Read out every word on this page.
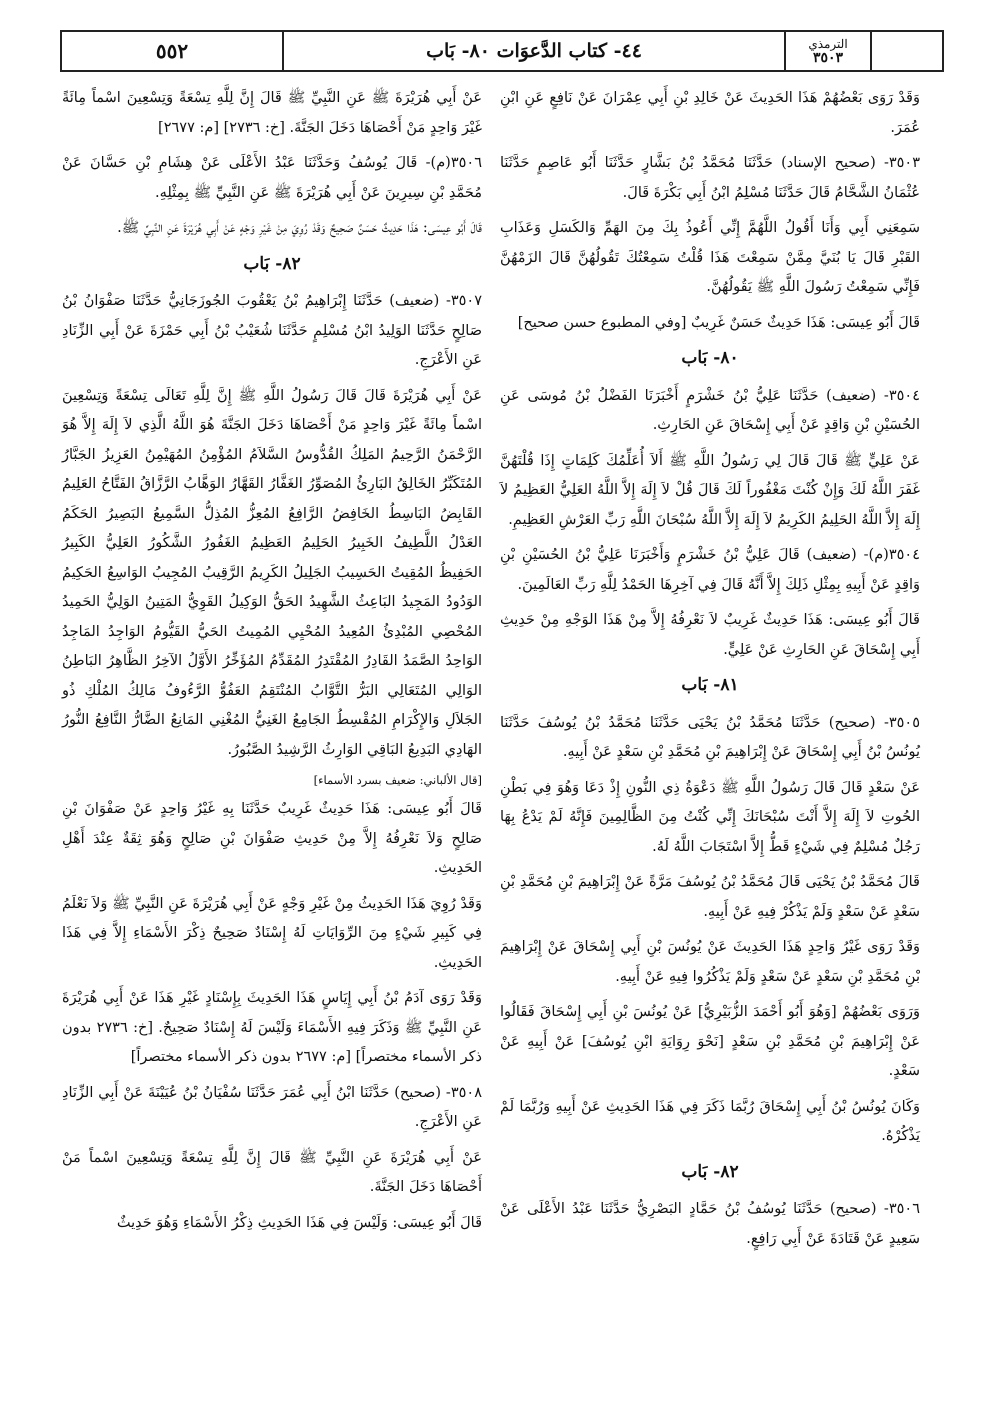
٥٥٢	٤٤- كتاب الدَّعوَات ٨٠- بَاب	الترمذي
٣٥٠٣

وَقَدْ رَوَى بَعْضُهُمْ هَذَا الحَدِيثَ عَنْ خَالِدِ بْنِ أَبِي عِمْرَانَ عَنْ نَافِعٍ عَنِ ابْنِ عُمَرَ.

٣٥٠٣- (صحيح الإسناد) حَدَّثَنَا مُحَمَّدُ بْنُ بَشَّارٍ حَدَّثَنَا أَبُو عَاصِمٍ حَدَّثَنَا عُثْمَانُ الشَّحَّامُ قَالَ حَدَّثَنَا مُسْلِمُ ابْنُ أَبِي بَكْرَةَ قَالَ.

سَمِعَنِي أَبِي وَأَنَا أَقُولُ اللَّهُمَّ إِنِّي أَعُوذُ بِكَ مِنَ الهَمِّ وَالكَسَلِ وَعَذَابِ القَبْرِ قَالَ يَا بُنَيَّ مِمَّنْ سَمِعْتَ هَذَا قُلْتُ سَمِعْتُكَ تَقُولُهُنَّ قَالَ الزَمْهُنَّ فَإِنِّي سَمِعْتُ رَسُولَ اللَّهِ ﷺ يَقُولُهُنَّ.

قَالَ أَبُو عِيسَى: هَذَا حَدِيثٌ حَسَنٌ غَرِيبٌ [وفي المطبوع حسن صحيح]

٨٠- بَاب

٣٥٠٤- (ضعيف) حَدَّثَنَا عَلِيُّ بْنُ خَشْرَمٍ أَخْبَرَنَا الفَضْلُ بْنُ مُوسَى عَنِ الحُسَيْنِ بْنِ وَاقِدٍ عَنْ أَبِي إِسْحَاقَ عَنِ الحَارِثِ.

عَنْ عَلِيٍّ ﷺ قَالَ قَالَ لِي رَسُولُ اللَّهِ ﷺ أَلاَ أُعَلِّمُكَ كَلِمَاتٍ إِذَا قُلْتَهُنَّ غَفَرَ اللَّهُ لَكَ وَإِنْ كُنْتَ مَغْفُوراً لَكَ قَالَ قُلْ لاَ إِلَهَ إِلاَّ اللَّهُ العَلِيُّ العَظِيمُ لاَ إِلَهَ إِلاَّ اللَّهُ الحَلِيمُ الكَرِيمُ لاَ إِلَهَ إِلاَّ اللَّهُ سُبْحَانَ اللَّهِ رَبِّ العَرْشِ العَظِيمِ.

٣٥٠٤(م)- (ضعيف) قَالَ عَلِيُّ بْنُ خَشْرَمٍ وَأَخْبَرَنَا عَلِيُّ بْنُ الحُسَيْنِ بْنِ وَاقِدٍ عَنْ أَبِيهِ بِمِثْلِ ذَلِكَ إِلاَّ أَنَّهُ قَالَ فِي آخِرِهَا الحَمْدُ لِلَّهِ رَبِّ العَالَمِينَ.

قَالَ أَبُو عِيسَى: هَذَا حَدِيثٌ غَرِيبٌ لاَ نَعْرِفُهُ إِلاَّ مِنْ هَذَا الوَجْهِ مِنْ حَدِيثِ أَبِي إِسْحَاقَ عَنِ الحَارِثِ عَنْ عَلِيٍّ.

٨١- بَاب

٣٥٠٥- (صحيح) حَدَّثَنَا مُحَمَّدُ بْنُ يَحْيَى حَدَّثَنَا مُحَمَّدُ بْنُ يُوسُفَ حَدَّثَنَا يُونُسُ بْنُ أَبِي إِسْحَاقَ عَنْ إِبْرَاهِيمَ بْنِ مُحَمَّدِ بْنِ سَعْدٍ عَنْ أَبِيهِ.

عَنْ سَعْدٍ قَالَ قَالَ رَسُولُ اللَّهِ ﷺ دَعْوَةُ ذِي النُّونِ إِذْ دَعَا وَهُوَ فِي بَطْنِ الحُوتِ لاَ إِلَهَ إِلاَّ أَنْتَ سُبْحَانَكَ إِنِّي كُنْتُ مِنَ الظَّالِمِينَ فَإِنَّهُ لَمْ يَدْعُ بِهَا رَجُلٌ مُسْلِمٌ فِي شَيْءٍ قَطُّ إِلاَّ اسْتَجَابَ اللَّهُ لَهُ.

قَالَ مُحَمَّدُ بْنُ يَحْيَى قَالَ مُحَمَّدُ بْنُ يُوسُفَ مَرَّةً عَنْ إِبْرَاهِيمَ بْنِ مُحَمَّدِ بْنِ سَعْدٍ عَنْ سَعْدٍ وَلَمْ يَذْكُرْ فِيهِ عَنْ أَبِيهِ.

وَقَدْ رَوَى غَيْرُ وَاحِدٍ هَذَا الحَدِيثَ عَنْ يُونُسَ بْنِ أَبِي إِسْحَاقَ عَنْ إِبْرَاهِيمَ بْنِ مُحَمَّدِ بْنِ سَعْدٍ عَنْ سَعْدٍ وَلَمْ يَذْكُرُوا فِيهِ عَنْ أَبِيهِ.

وَرَوَى بَعْضُهُمْ [وَهُوَ أَبُو أَحْمَدَ الزُّبَيْرِيُّ] عَنْ يُونُسَ بْنِ أَبِي إِسْحَاقَ فَقَالُوا عَنْ إِبْرَاهِيمَ بْنِ مُحَمَّدِ بْنِ سَعْدٍ [نَحْوَ رِوَايَةِ ابْنِ يُوسُفَ] عَنْ أَبِيهِ عَنْ سَعْدٍ.

وَكَانَ يُونُسُ بْنُ أَبِي إِسْحَاقَ رُبَّمَا ذَكَرَ فِي هَذَا الحَدِيثِ عَنْ أَبِيهِ وَرُبَّمَا لَمْ يَذْكُرْهُ.

٨٢- بَاب

٣٥٠٦- (صحيح) حَدَّثَنَا يُوسُفُ بْنُ حَمَّادٍ البَصْرِيُّ حَدَّثَنَا عَبْدُ الأَعْلَى عَنْ سَعِيدٍ عَنْ قَتَادَةَ عَنْ أَبِي رَافِعٍ.

عَنْ أَبِي هُرَيْرَةَ ﷺ عَنِ النَّبِيِّ ﷺ قَالَ إِنَّ لِلَّهِ تِسْعَةً وَتِسْعِينَ اسْماً مِائَةً غَيْرَ وَاحِدٍ مَنْ أَحْصَاهَا دَخَلَ الجَنَّةَ. [خ: ٢٧٣٦] [م: ٢٦٧٧]

٣٥٠٦(م)- قَالَ يُوسُفُ وَحَدَّثَنَا عَبْدُ الأَعْلَى عَنْ هِشَامِ بْنِ حَسَّانَ عَنْ مُحَمَّدِ بْنِ سِيرِينَ عَنْ أَبِي هُرَيْرَةَ ﷺ عَنِ النَّبِيِّ ﷺ بِمِثْلِهِ.

قَالَ أَبُو عِيسَى: هَذَا حَدِيثٌ حَسَنٌ صَحِيحٌ وَقَدْ رُوِيَ مِنْ غَيْرِ وَجْهٍ عَنْ أَبِي هُرَيْرَةَ عَنِ النَّبِيِّ ﷺ.

٨٢- بَاب

٣٥٠٧- (ضعيف) حَدَّثَنَا إِبْرَاهِيمُ بْنُ يَعْقُوبَ الجُوزَجَانِيُّ حَدَّثَنَا صَفْوَانُ بْنُ صَالِحٍ حَدَّثَنَا الوَلِيدُ ابْنُ مُسْلِمٍ حَدَّثَنَا شُعَيْبُ بْنُ أَبِي حَمْزَةَ عَنْ أَبِي الزِّنَادِ عَنِ الأَعْرَجِ.

عَنْ أَبِي هُرَيْرَةَ قَالَ قَالَ رَسُولُ اللَّهِ ﷺ إِنَّ لِلَّهِ تَعَالَى تِسْعَةً وَتِسْعِينَ اسْماً مِائَةً غَيْرَ وَاحِدٍ مَنْ أَحْصَاهَا دَخَلَ الجَنَّةَ هُوَ اللَّهُ الَّذِي لاَ إِلَهَ إِلاَّ هُوَ الرَّحْمَنُ الرَّحِيمُ المَلِكُ القُدُّوسُ السَّلاَمُ المُؤْمِنُ المُهَيْمِنُ العَزِيزُ الجَبَّارُ المُتَكَبِّرُ الخَالِقُ البَارِئُ المُصَوِّرُ الغَفَّارُ القَهَّارُ الوَهَّابُ الرَّزَّاقُ الفَتَّاحُ العَلِيمُ القَابِضُ البَاسِطُ الخَافِضُ الرَّافِعُ المُعِزُّ المُذِلُّ السَّمِيعُ البَصِيرُ الحَكَمُ العَدْلُ اللَّطِيفُ الخَبِيرُ الحَلِيمُ العَظِيمُ الغَفُورُ الشَّكُورُ العَلِيُّ الكَبِيرُ الحَفِيظُ المُقِيتُ الحَسِيبُ الجَلِيلُ الكَرِيمُ الرَّقِيبُ المُجِيبُ الوَاسِعُ الحَكِيمُ الوَدُودُ المَجِيدُ البَاعِثُ الشَّهِيدُ الحَقُّ الوَكِيلُ القَوِيُّ المَتِينُ الوَلِيُّ الحَمِيدُ المُحْصِي المُبْدِئُ المُعِيدُ المُحْيِي المُمِيتُ الحَيُّ القَيُّومُ الوَاجِدُ المَاجِدُ الوَاحِدُ الصَّمَدُ القَادِرُ المُقْتَدِرُ المُقَدِّمُ المُؤَخِّرُ الأَوَّلُ الآخِرُ الظَّاهِرُ البَاطِنُ الوَالِي المُتَعَالِي البَرُّ التَّوَّابُ المُنْتَقِمُ العَفُوُّ الرَّءُوفُ مَالِكُ المُلْكِ ذُو الجَلاَلِ وَالإِكْرَامِ المُقْسِطُ الجَامِعُ الغَنِيُّ المُغْنِي المَانِعُ الضَّارُّ النَّافِعُ النُّورُ الهَادِي البَدِيعُ البَاقِي الوَارِثُ الرَّشِيدُ الصَّبُورُ.

[قال الألباني: ضعيف بسرد الأسماء]

قَالَ أَبُو عِيسَى: هَذَا حَدِيثٌ غَرِيبٌ حَدَّثَنَا بِهِ غَيْرُ وَاحِدٍ عَنْ صَفْوَانَ بْنِ صَالِحٍ وَلاَ نَعْرِفُهُ إِلاَّ مِنْ حَدِيثِ صَفْوَانَ بْنِ صَالِحٍ وَهُوَ ثِقَةٌ عِنْدَ أَهْلِ الحَدِيثِ.

وَقَدْ رُوِيَ هَذَا الحَدِيثُ مِنْ غَيْرِ وَجْهٍ عَنْ أَبِي هُرَيْرَةَ عَنِ النَّبِيِّ ﷺ وَلاَ نَعْلَمُ فِي كَبِيرِ شَيْءٍ مِنَ الرِّوَايَاتِ لَهُ إِسْنَادٌ صَحِيحٌ ذِكْرَ الأَسْمَاءِ إِلاَّ فِي هَذَا الحَدِيثِ.

وَقَدْ رَوَى آدَمُ بْنُ أَبِي إِيَاسٍ هَذَا الحَدِيثَ بِإِسْنَادٍ غَيْرِ هَذَا عَنْ أَبِي هُرَيْرَةَ عَنِ النَّبِيِّ ﷺ وَذَكَرَ فِيهِ الأَسْمَاءَ وَلَيْسَ لَهُ إِسْنَادٌ صَحِيحٌ. [خ: ٢٧٣٦ بدون ذكر الأسماء مختصراً] [م: ٢٦٧٧ بدون ذكر الأسماء مختصراً]

٣٥٠٨- (صحيح) حَدَّثَنَا ابْنُ أَبِي عُمَرَ حَدَّثَنَا سُفْيَانُ بْنُ عُيَيْنَةَ عَنْ أَبِي الزِّنَادِ عَنِ الأَعْرَجِ.

عَنْ أَبِي هُرَيْرَةَ عَنِ النَّبِيِّ ﷺ قَالَ إِنَّ لِلَّهِ تِسْعَةً وَتِسْعِينَ اسْماً مَنْ أَحْصَاهَا دَخَلَ الجَنَّةَ.

قَالَ أَبُو عِيسَى: وَلَيْسَ فِي هَذَا الحَدِيثِ ذِكْرُ الأَسْمَاءِ وَهُوَ حَدِيثٌ
